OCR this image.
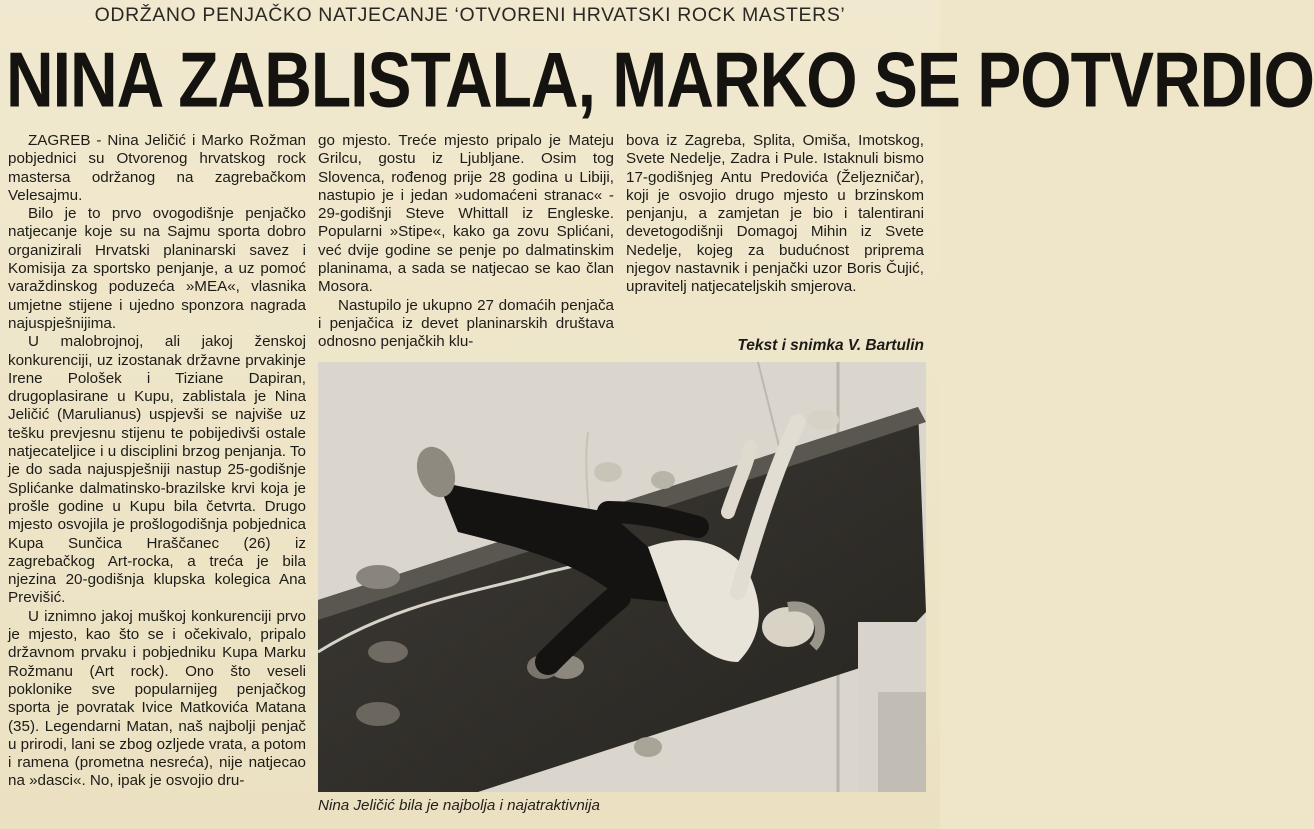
ODRŽANO PENJAČKO NATJECANJE ‘OTVORENI HRVATSKI ROCK MASTERS’
NINA ZABLISTALA, MARKO SE POTVRDIO

ZAGREB - Nina Jeličić i Marko Rožman pobjednici su Otvorenog hrvatskog rock mastersa održanog na zagrebačkom Velesajmu.

Bilo je to prvo ovogodišnje penjačko natjecanje koje su na Sajmu sporta dobro organizirali Hrvatski planinarski savez i Komisija za sportsko penjanje, a uz pomoć varaždinskog poduzeća »MEA«, vlasnika umjetne stijene i ujedno sponzora nagrada najuspješnijima.

U malobrojnoj, ali jakoj ženskoj konkurenciji, uz izostanak državne prvakinje Irene Pološek i Tiziane Dapiran, drugoplasirane u Kupu, zablistala je Nina Jeličić (Marulianus) uspjevši se najviše uz tešku prevjesnu stijenu te pobijedivši ostale natjecateljice i u disciplini brzog penjanja. To je do sada najuspješniji nastup 25-godišnje Splićanke dalmatinsko-brazilske krvi koja je prošle godine u Kupu bila četvrta. Drugo mjesto osvojila je prošlogodišnja pobjednica Kupa Sunčica Hraščanec (26) iz zagrebačkog Art-rocka, a treća je bila njezina 20-godišnja klupska kolegica Ana Previšić.

U iznimno jakoj muškoj konkurenciji prvo je mjesto, kao što se i očekivalo, pripalo državnom prvaku i pobjedniku Kupa Marku Rožmanu (Art rock). Ono što veseli poklonike sve popularnijeg penjačkog sporta je povratak Ivice Matkovića Matana (35). Legendarni Matan, naš najbolji penjač u prirodi, lani se zbog ozljede vrata, a potom i ramena (prometna nesreća), nije natjecao na »dasci«. No, ipak je osvojio dru-

go mjesto. Treće mjesto pripalo je Mateju Grilcu, gostu iz Ljubljane. Osim tog Slovenca, rođenog prije 28 godina u Libiji, nastupio je i jedan »udomaćeni stranac« - 29-godišnji Steve Whittall iz Engleske. Popularni »Stipe«, kako ga zovu Splićani, već dvije godine se penje po dalmatinskim planinama, a sada se natjecao se kao član Mosora.

Nastupilo je ukupno 27 domaćih penjača i penjačica iz devet planinarskih društava odnosno penjačkih klu-

bova iz Zagreba, Splita, Omiša, Imotskog, Svete Nedelje, Zadra i Pule. Istaknuli bismo 17-godišnjeg Antu Predovića (Željezničar), koji je osvojio drugo mjesto u brzinskom penjanju, a zamjetan je bio i talentirani devetogodišnji Domagoj Mihin iz Svete Nedelje, kojeg za budućnost priprema njegov nastavnik i penjački uzor Boris Čujić, upravitelj natjecateljskih smjerova.

Tekst i snimka V. Bartulin
Nina Jeličić bila je najbolja i najatraktivnija
